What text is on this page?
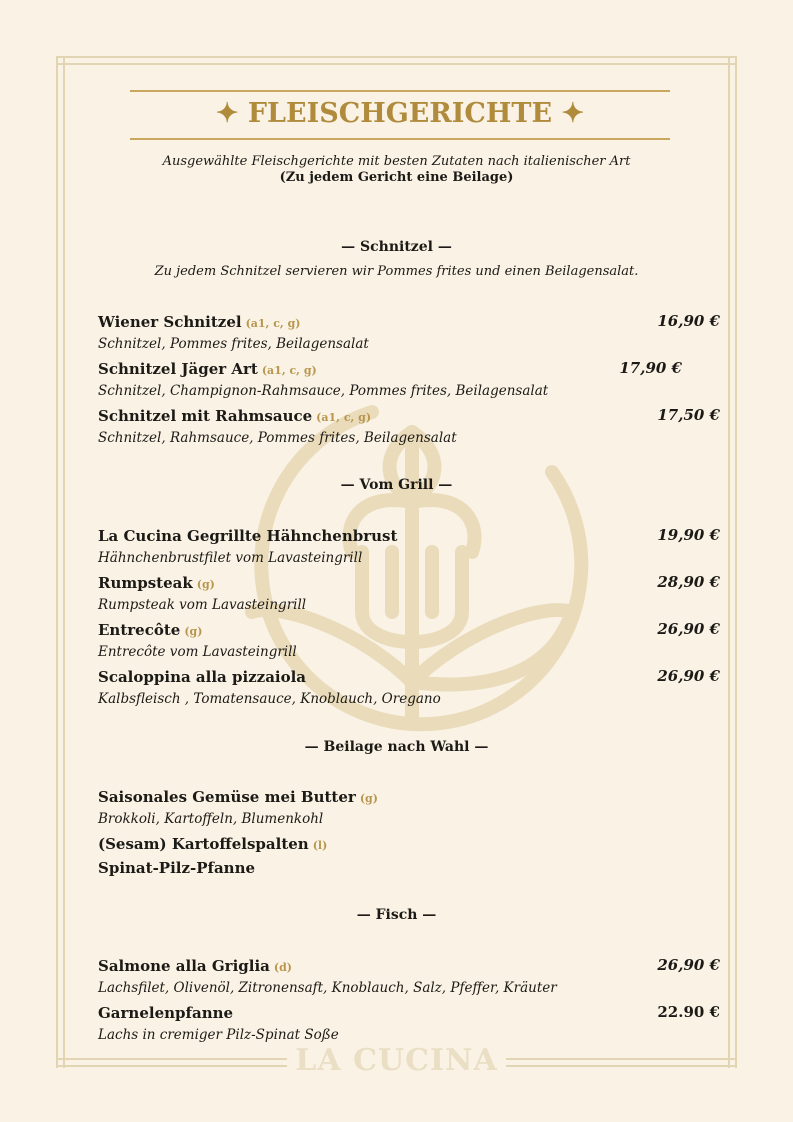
LA CUCINA
✦ FLEISCHGERICHTE ✦
Ausgewählte Fleischgerichte mit besten Zutaten nach italienischer Art
(Zu jedem Gericht eine Beilage)
— Schnitzel —
Zu jedem Schnitzel servieren wir Pommes frites und einen Beilagensalat.
Wiener Schnitzel (a1, c, g)	16,90 €
Schnitzel, Pommes frites, Beilagensalat
Schnitzel Jäger Art (a1, c, g)	17,90 €
Schnitzel, Champignon-Rahmsauce, Pommes frites, Beilagensalat
Schnitzel mit Rahmsauce (a1, c, g)	17,50 €
Schnitzel, Rahmsauce, Pommes frites, Beilagensalat
— Vom Grill —
La Cucina Gegrillte Hähnchenbrust	19,90 €
Hähnchenbrustfilet vom Lavasteingrill
Rumpsteak (g)	28,90 €
Rumpsteak vom Lavasteingrill
Entrecôte (g)	26,90 €
Entrecôte vom Lavasteingrill
Scaloppina alla pizzaiola	26,90 €
Kalbsfleisch , Tomatensauce, Knoblauch, Oregano
— Beilage nach Wahl —
Saisonales Gemüse mei Butter (g)
Brokkoli, Kartoffeln, Blumenkohl
(Sesam) Kartoffelspalten (l)
Spinat-Pilz-Pfanne
— Fisch —
Salmone alla Griglia (d)	26,90 €
Lachsfilet, Olivenöl, Zitronensaft, Knoblauch, Salz, Pfeffer, Kräuter
Garnelenpfanne	22.90 €
Lachs in cremiger Pilz-Spinat Soße
